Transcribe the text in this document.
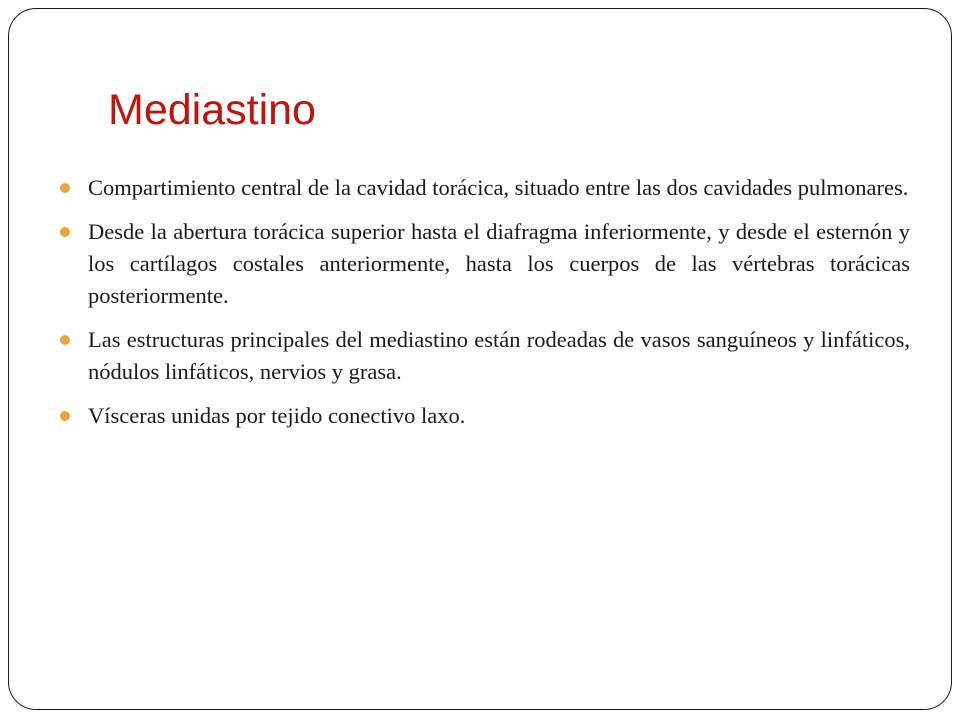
Mediastino
Compartimiento central de la cavidad torácica, situado entre las dos cavidades pulmonares.
Desde la abertura torácica superior hasta el diafragma inferiormente, y desde el esternón y los cartílagos costales anteriormente, hasta los cuerpos de las vértebras torácicas posteriormente.
Las estructuras principales del mediastino están rodeadas de vasos sanguíneos y linfáticos, nódulos linfáticos, nervios y grasa.
Vísceras unidas por tejido conectivo laxo.
